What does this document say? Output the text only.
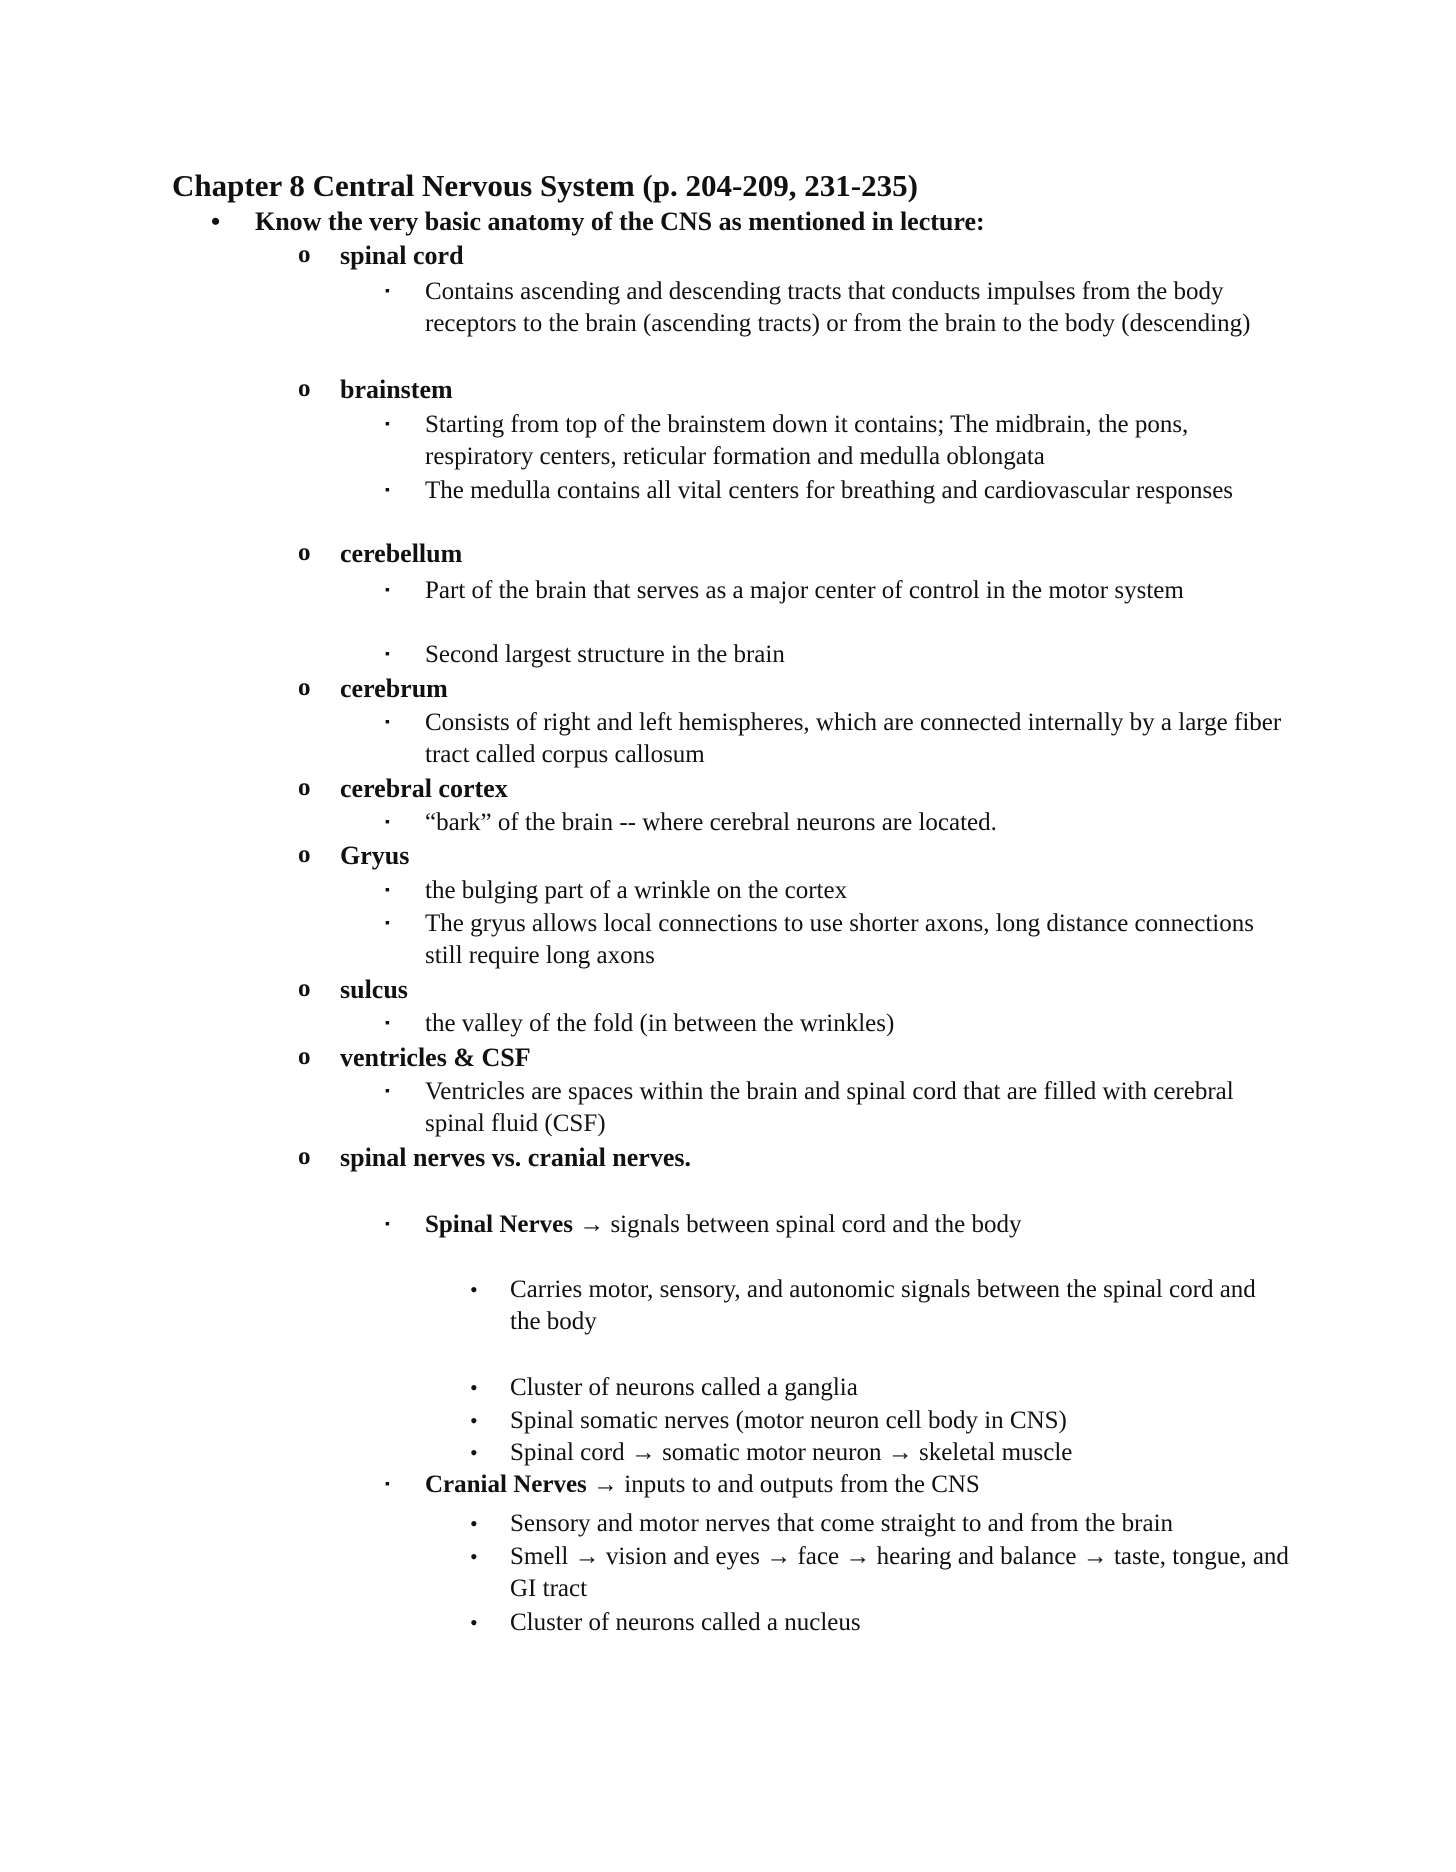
Chapter 8 Central Nervous System (p. 204-209, 231-235)
• Know the very basic anatomy of the CNS as mentioned in lecture:
o spinal cord
▪ Contains ascending and descending tracts that conducts impulses from the body receptors to the brain (ascending tracts) or from the brain to the body (descending)
o brainstem
▪ Starting from top of the brainstem down it contains; The midbrain, the pons, respiratory centers, reticular formation and medulla oblongata
▪ The medulla contains all vital centers for breathing and cardiovascular responses
o cerebellum
▪ Part of the brain that serves as a major center of control in the motor system
▪ Second largest structure in the brain
o cerebrum
▪ Consists of right and left hemispheres, which are connected internally by a large fiber tract called corpus callosum
o cerebral cortex
▪ “bark” of the brain -- where cerebral neurons are located.
o Gryus
▪ the bulging part of a wrinkle on the cortex
▪ The gryus allows local connections to use shorter axons, long distance connections still require long axons
o sulcus
▪ the valley of the fold (in between the wrinkles)
o ventricles & CSF
▪ Ventricles are spaces within the brain and spinal cord that are filled with cerebral spinal fluid (CSF)
o spinal nerves vs. cranial nerves.
▪ Spinal Nerves → signals between spinal cord and the body
• Carries motor, sensory, and autonomic signals between the spinal cord and the body
• Cluster of neurons called a ganglia
• Spinal somatic nerves (motor neuron cell body in CNS)
• Spinal cord → somatic motor neuron → skeletal muscle
▪ Cranial Nerves → inputs to and outputs from the CNS
• Sensory and motor nerves that come straight to and from the brain
• Smell → vision and eyes → face → hearing and balance → taste, tongue, and GI tract
• Cluster of neurons called a nucleus
